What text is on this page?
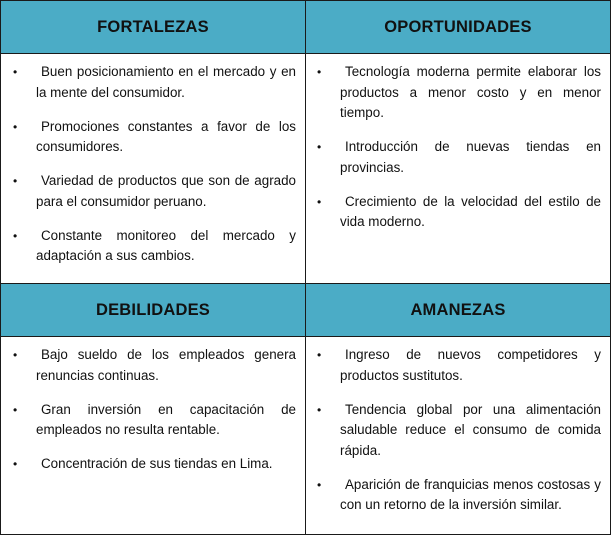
FORTALEZAS
•	Buen posicionamiento en el mercado y en la mente del consumidor.
•	Promociones constantes a favor de los consumidores.
•	Variedad de productos que son de agrado para el consumidor peruano.
•	Constante monitoreo del mercado y adaptación a sus cambios.
OPORTUNIDADES
•	Tecnología moderna permite elaborar los productos a menor costo y en menor tiempo.
•	Introducción de nuevas tiendas en provincias.
•	Crecimiento de la velocidad del estilo de vida moderno.
DEBILIDADES
•	Bajo sueldo de los empleados genera renuncias continuas.
•	Gran inversión en capacitación de empleados no resulta rentable.
•	Concentración de sus tiendas en Lima.
AMANEZAS
•	Ingreso de nuevos competidores y productos sustitutos.
•	Tendencia global por una alimentación saludable reduce el consumo de comida rápida.
•	Aparición de franquicias menos costosas y con un retorno de la inversión similar.
